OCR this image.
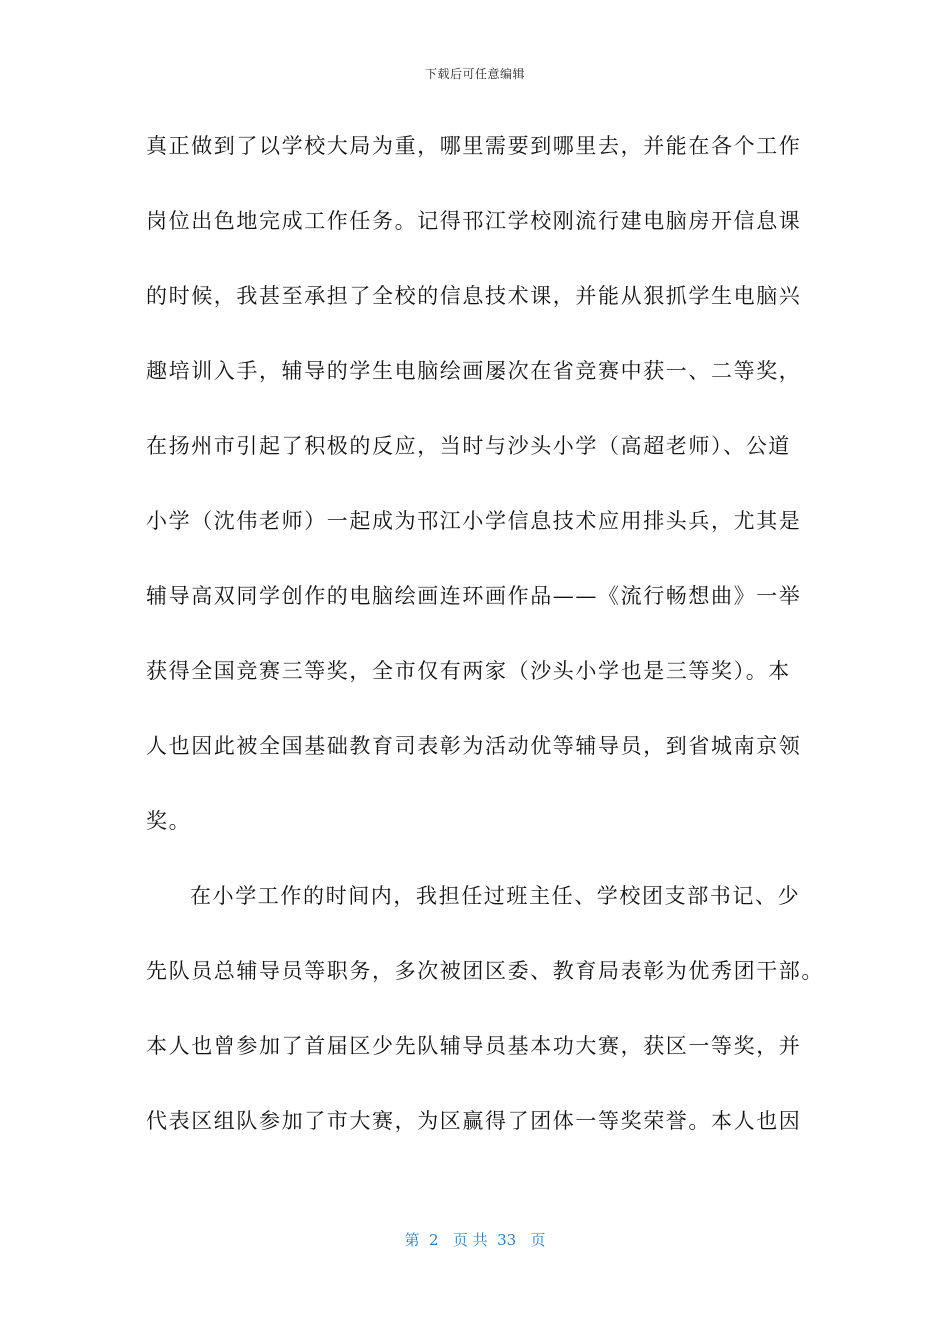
下载后可任意编辑
真正做到了以学校大局为重，哪里需要到哪里去，并能在各个工作
岗位出色地完成工作任务。记得邗江学校刚流行建电脑房开信息课
的时候，我甚至承担了全校的信息技术课，并能从狠抓学生电脑兴
趣培训入手，辅导的学生电脑绘画屡次在省竞赛中获一、二等奖，
在扬州市引起了积极的反应，当时与沙头小学（高超老师）、公道
小学（沈伟老师）一起成为邗江小学信息技术应用排头兵，尤其是
辅导高双同学创作的电脑绘画连环画作品——《流行畅想曲》一举
获得全国竞赛三等奖，全市仅有两家（沙头小学也是三等奖）。本
人也因此被全国基础教育司表彰为活动优等辅导员，到省城南京领
奖。
在小学工作的时间内，我担任过班主任、学校团支部书记、少
先队员总辅导员等职务，多次被团区委、教育局表彰为优秀团干部。
本人也曾参加了首届区少先队辅导员基本功大赛，获区一等奖，并
代表区组队参加了市大赛，为区赢得了团体一等奖荣誉。本人也因
第  2   页 共  33   页
